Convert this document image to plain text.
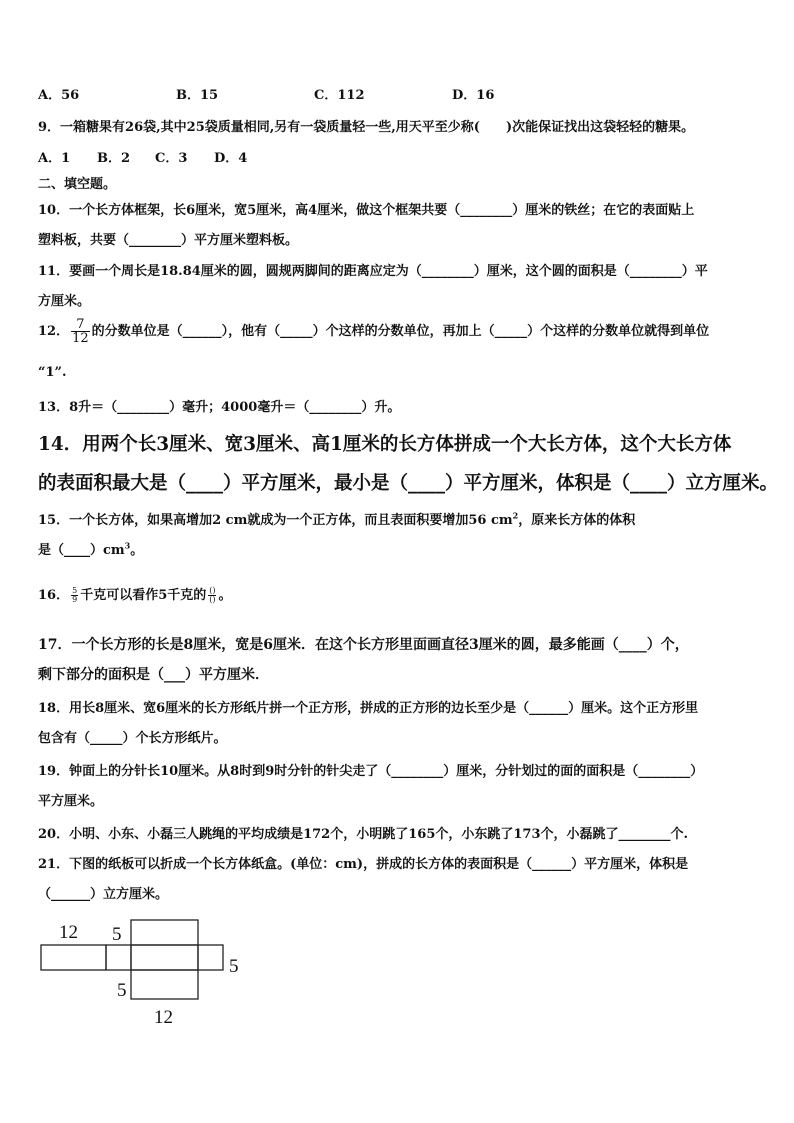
A．56	B．15	C．112	D．16
9．一箱糖果有26袋,其中25袋质量相同,另有一袋质量轻一些,用天平至少称(　　)次能保证找出这袋轻轻的糖果。
A．1 B．2 C．3 D．4
二、填空题。
10．一个长方体框架，长6厘米，宽5厘米，高4厘米，做这个框架共要（________）厘米的铁丝；在它的表面贴上
塑料板，共要（________）平方厘米塑料板。
11．要画一个周长是18.84厘米的圆，圆规两脚间的距离应定为（________）厘米，这个圆的面积是（________）平
方厘米。
12． $\frac{7}{12}$ 的分数单位是（______），他有（_____）个这样的分数单位，再加上（_____）个这样的分数单位就得到单位
“1”.
13．8升＝（________）毫升；4000毫升＝（________）升。
14．用两个长3厘米、宽3厘米、高1厘米的长方体拼成一个大长方体，这个大长方体
的表面积最大是（____）平方厘米，最小是（____）平方厘米，体积是（____）立方厘米。
15．一个长方体，如果高增加2 cm就成为一个正方体，而且表面积要增加56 $cm^2$，原来长方体的体积
是$(\_\_\_\_)cm^3$。
16． $\frac{5}{9}$ 千克可以看作5千克的 $\frac{()}{()}$ 。
17．一个长方形的长是8厘米，宽是6厘米．在这个长方形里面画直径3厘米的圆，最多能画（____）个，
剩下部分的面积是（___）平方厘米．
18．用长8厘米、宽6厘米的长方形纸片拼一个正方形，拼成的正方形的边长至少是（______）厘米。这个正方形里
包含有（_____）个长方形纸片。
19．钟面上的分针长10厘米。从8时到9时分针的针尖走了（________）厘米，分针划过的面的面积是（________）
平方厘米。
20．小明、小东、小磊三人跳绳的平均成绩是172个，小明跳了165个，小东跳了173个，小磊跳了________个.
21．下图的纸板可以折成一个长方体纸盒。(单位：cm)，拼成的长方体的表面积是（______）平方厘米，体积是
（______）立方厘米。
12 5
5
5
12
